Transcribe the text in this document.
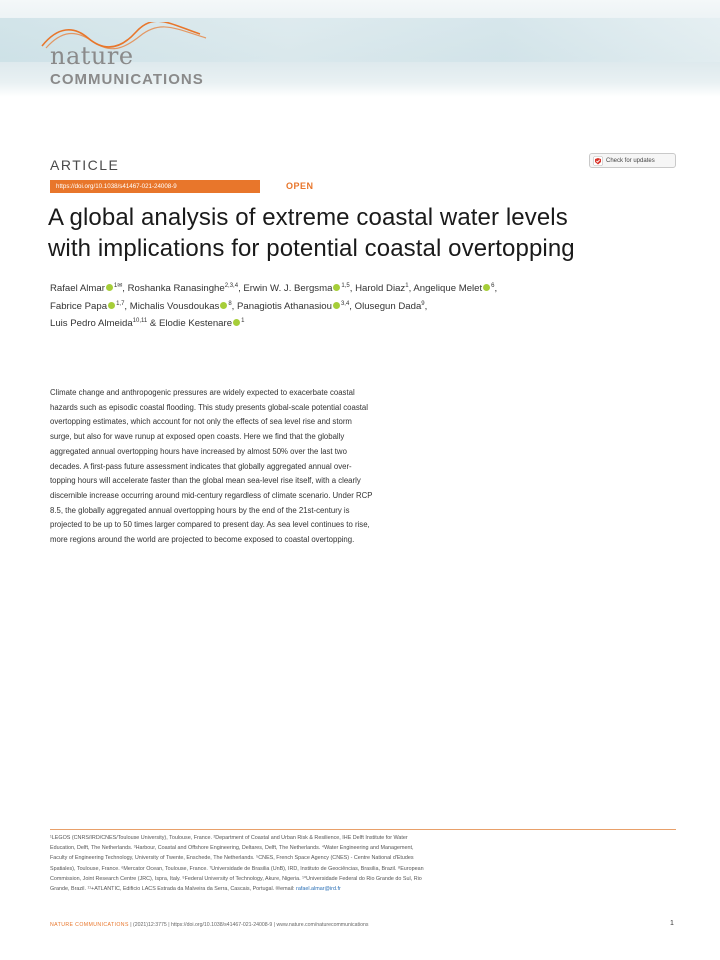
nature
COMMUNICATIONS
ARTICLE	Check for updates
https://doi.org/10.1038/s41467-021-24008-9	OPEN
A global analysis of extreme coastal water levels
with implications for potential coastal overtopping
Rafael Almar $^{1✉}$, Roshanka Ranasinghe$^{2,3,4}$, Erwin W. J. Bergsma $^{1,5}$, Harold Diaz$^1$, Angelique Melet $^6$,
Fabrice Papa $^{1,7}$, Michalis Vousdoukas $^8$, Panagiotis Athanasiou $^{3,4}$, Olusegun Dada$^9$,
Luis Pedro Almeida$^{10,11}$ & Elodie Kestenare $^1$
Climate change and anthropogenic pressures are widely expected to exacerbate coastal
hazards such as episodic coastal flooding. This study presents global-scale potential coastal
overtopping estimates, which account for not only the effects of sea level rise and storm
surge, but also for wave runup at exposed open coasts. Here we find that the globally
aggregated annual overtopping hours have increased by almost 50% over the last two
decades. A first-pass future assessment indicates that globally aggregated annual over-
topping hours will accelerate faster than the global mean sea-level rise itself, with a clearly
discernible increase occurring around mid-century regardless of climate scenario. Under RCP
8.5, the globally aggregated annual overtopping hours by the end of the 21st-century is
projected to be up to 50 times larger compared to present day. As sea level continues to rise,
more regions around the world are projected to become exposed to coastal overtopping.
¹LEGOS (CNRS/IRD/CNES/Toulouse University), Toulouse, France. ²Department of Coastal and Urban Risk & Resilience, IHE Delft Institute for Water
Education, Delft, The Netherlands. ³Harbour, Coastal and Offshore Engineering, Deltares, Delft, The Netherlands. ⁴Water Engineering and Management,
Faculty of Engineering Technology, University of Twente, Enschede, The Netherlands. ⁵CNES, French Space Agency (CNES) - Centre National d'Etudes
Spatiales), Toulouse, France. ⁶Mercator Ocean, Toulouse, France. ⁷Universidade de Brasilia (UnB), IRD, Instituto de Geociências, Brasilia, Brazil. ⁸European
Commission, Joint Research Centre (JRC), Ispra, Italy. ⁹Federal University of Technology, Akure, Nigeria. ¹⁰Universidade Federal do Rio Grande do Sul, Rio
Grande, Brazil. ¹¹+ATLANTIC, Edificio LACS Estrada da Malveira da Serra, Cascais, Portugal. ✉email: rafael.almar@ird.fr
NATURE COMMUNICATIONS | (2021)12:3775 | https://doi.org/10.1038/s41467-021-24008-9 | www.nature.com/naturecommunications	1
